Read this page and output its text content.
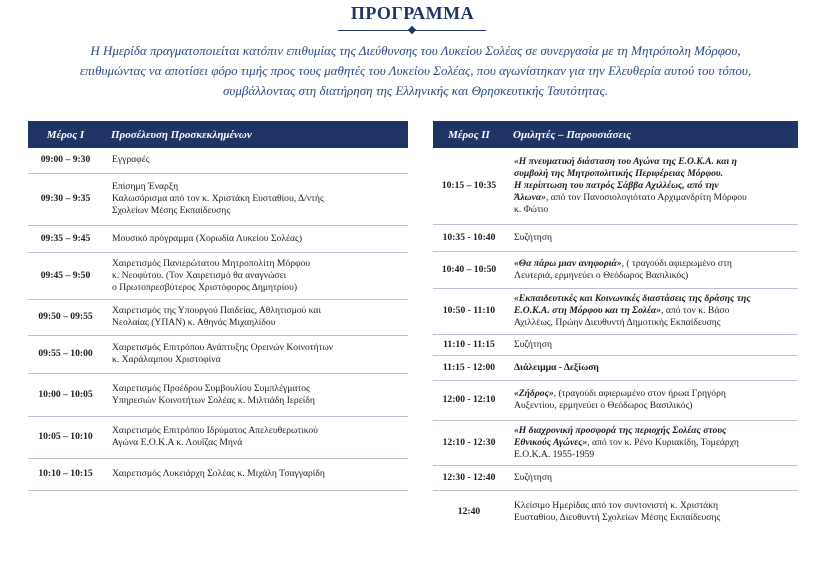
ΠΡΟΓΡΑΜΜΑ
Η Ημερίδα πραγματοποιείται κατόπιν επιθυμίας της Διεύθυνσης του Λυκείου Σολέας σε συνεργασία με τη Μητρόπολη Μόρφου,
επιθυμώντας να αποτίσει φόρο τιμής προς τους μαθητές του Λυκείου Σολέας, που αγωνίστηκαν για την Ελευθερία αυτού του τόπου,
συμβάλλοντας στη διατήρηση της Ελληνικής και Θρησκευτικής Ταυτότητας.
Μέρος Ι	Προσέλευση Προσκεκλημένων
09:00 – 9:30	Εγγραφές
09:30 – 9:35	Επίσημη Έναρξη
Καλωσόρισμα από τον κ. Χριστάκη Ευσταθίου, Δ/ντής
Σχολείων Μέσης Εκπαίδευσης
09:35 – 9:45	Μουσικό πρόγραμμα (Χορωδία Λυκείου Σολέας)
09:45 – 9:50	Χαιρετισμός Πανιερώτατου Μητροπολίτη Μόρφου
κ. Νεοφύτου. (Τον Χαιρετισμό θα αναγνώσει
ο Πρωτοπρεσβύτερος Χριστόφορος Δημητρίου)
09:50 – 09:55	Χαιρετισμός της Υπουργού Παιδείας, Αθλητισμού και
Νεολαίας (ΥΠΑΝ) κ. Αθηνάς Μιχαηλίδου
09:55 – 10:00	Χαιρετισμός Επιτρόπου Ανάπτυξης Ορεινών Κοινοτήτων
κ. Χαράλαμπου Χριστοφίνα
10:00 – 10:05	Χαιρετισμός Προέδρου Συμβουλίου Συμπλέγματος
Υπηρεσιών Κοινοτήτων Σολέας κ. Μιλτιάδη Ιερείδη
10:05 – 10:10	Χαιρετισμός Επιτρόπου Ιδρύματος Απελευθερωτικού
Αγώνα Ε.Ο.Κ.Α κ. Λουΐζας Μηνά
10:10 – 10:15	Χαιρετισμός Λυκειάρχη Σολέας κ. Μιχάλη Τσαγγαρίδη
Μέρος ΙΙ	Ομιλητές – Παρουσιάσεις
10:15 – 10:35	«Η πνευματική διάσταση του Αγώνα της Ε.Ο.Κ.Α. και η
συμβολή της Μητροπολιτικής Περιφέρειας Μόρφου.
Η περίπτωση του πατρός Σάββα Αχιλλέως, από την
Άλωνα», από τον Πανοσιολογιότατο Αρχιμανδρίτη Μόρφου
κ. Φώτιο
10:35 - 10:40	Συζήτηση
10:40 – 10:50	«Θα πάρω μιαν ανηφοριά», ( τραγούδι αφιερωμένο στη
Λευτεριά, ερμηνεύει ο Θεόδωρος Βασιλικός)
10:50 - 11:10	«Εκπαιδευτικές και Κοινωνικές διαστάσεις της δράσης της
Ε.Ο.Κ.Α. στη Μόρφου και τη Σολέα», από τον κ. Βάσο
Αχιλλέως, Πρώην Διευθυντή Δημοτικής Εκπαίδευσης
11:10 - 11:15	Συζήτηση
11:15 - 12:00	Διάλειμμα - Δεξίωση
12:00 - 12:10	«Ζήδρος», (τραγούδι αφιερωμένο στον ήρωα Γρηγόρη
Αυξεντίου, ερμηνεύει ο Θεόδωρος Βασιλικός)
12:10 - 12:30	«Η διαχρονική προσφορά της περιοχής Σολέας στους
Εθνικούς Αγώνες», από τον κ. Ρένο Κυριακίδη, Τομεάρχη
Ε.Ο.Κ.Α. 1955-1959
12:30 - 12:40	Συζήτηση
12:40	Κλείσιμο Ημερίδας από τον συντονιστή κ. Χριστάκη
Ευσταθίου, Διευθυντή Σχολείων Μέσης Εκπαίδευσης
